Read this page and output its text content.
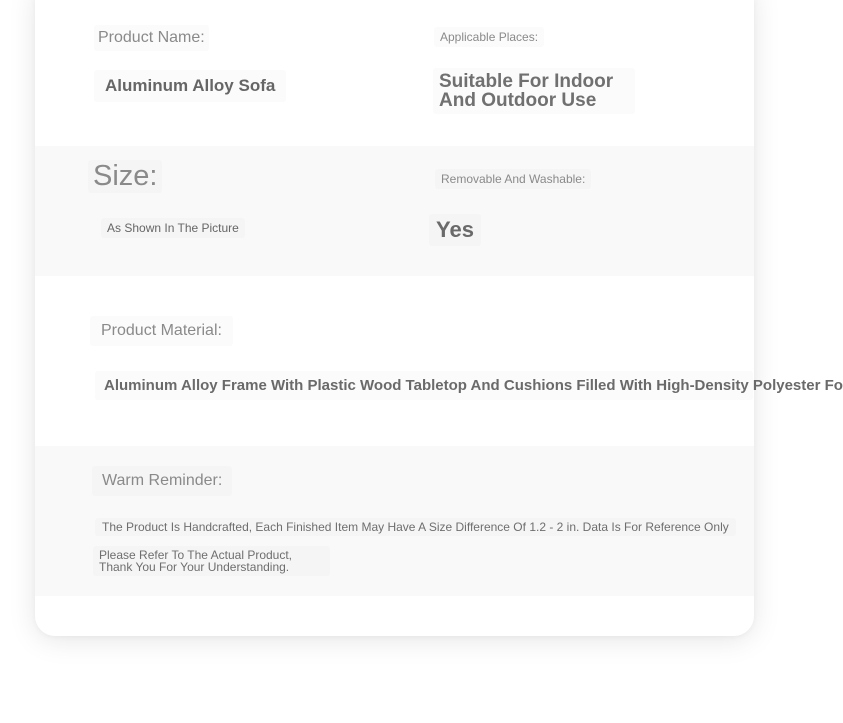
Product Name:
Aluminum Alloy Sofa
Applicable Places:
Suitable For Indoor And Outdoor Use
Size:
As Shown In The Picture
Removable And Washable:
Yes
Product Material:
Aluminum Alloy Frame With Plastic Wood Tabletop And Cushions Filled With High-Density Polyester Fo
Warm Reminder:
The Product Is Handcrafted, Each Finished Item May Have A Size Difference Of 1.2 - 2 in. Data Is For Reference Only
Please Refer To The Actual Product,
Thank You For Your Understanding.
